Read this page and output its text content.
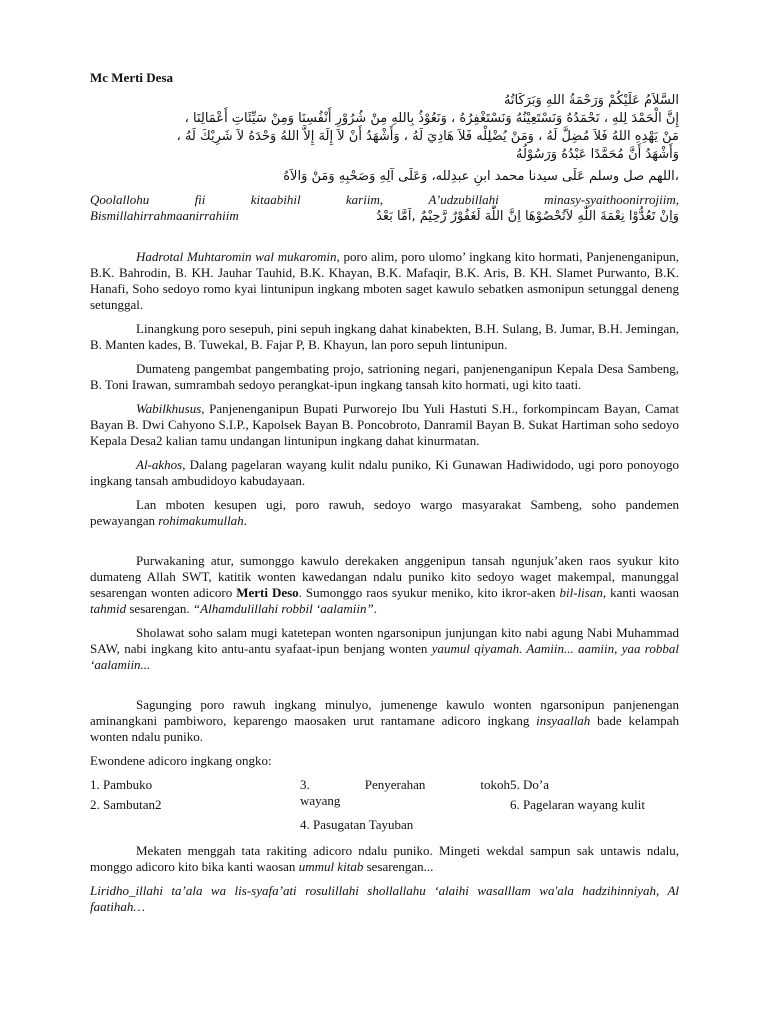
Mc Merti Desa

السَّلاَمُ عَلَيْكُمْ وَرَحْمَةُ اللهِ وَبَرَكَاتُهُ

إِنَّ الْحَمْدَ لِلهِ ، نَحْمَدُهُ وَنَسْتَعِيْنُهُ وَنَسْتَغْفِرُهُ ، وَنَعُوْذُ بِاللهِ مِنْ شُرُوْرِ أَنْفُسِنَا وَمِنْ سَيِّئَاتِ أَعْمَالِنَا ،

مَنْ يَهْدِهِ اللهُ فَلاَ مُضِلَّ لَهُ ، وَمَنْ يُضْلِلْه فَلاَ هَادِيَ لَهُ ، وَأَشْهَدُ أَنْ لاَ إِلَهَ إِلاَّ اللهُ وَحْدَهُ لاَ شَرِيْكَ لَهُ ،

وَأَشْهَدُ أَنَّ مُحَمَّدًا عَبْدُهُ وَرَسُوْلُهُ

،اللهم صل وسلم عَلَى سيدنا محمد ابنِ عبدِلله، وَعَلَى آلِهِ وَصَحْبِهِ وَمَنْ وَالاَهُ

Qoolallohu	fii	kitaabihil	kariim,	A’udzubillahi	minasy-syaithoonirrojiim,
Bismillahirrahmaanirrahiim	وَاِنْ تَعُدُّوْا نِعْمَةَ اللّٰهِ لاَتُحْصُوْهَا اِنَّ اللّٰهَ لَغَفُوْرٌ رَّحِيْمٌ ,اَمَّا بَعْدُ

Hadrotal Muhtaromin wal mukaromin, poro alim, poro ulomo’ ingkang kito hormati, Panjenenganipun, B.K. Bahrodin, B. KH. Jauhar Tauhid, B.K. Khayan, B.K. Mafaqir, B.K. Aris, B. KH. Slamet Purwanto, B.K. Hanafi, Soho sedoyo romo kyai lintunipun ingkang mboten saget kawulo sebatken asmonipun setunggal deneng setunggal.

Linangkung poro sesepuh, pini sepuh ingkang dahat kinabekten, B.H. Sulang, B. Jumar, B.H. Jemingan, B. Manten kades, B. Tuwekal, B. Fajar P, B. Khayun, lan poro sepuh lintunipun.

Dumateng pangembat pangembating projo, satrioning negari, panjenenganipun Kepala Desa Sambeng, B. Toni Irawan, sumrambah sedoyo perangkat-ipun ingkang tansah kito hormati, ugi kito taati.

Wabilkhusus, Panjenenganipun Bupati Purworejo Ibu Yuli Hastuti S.H., forkompincam Bayan, Camat Bayan B. Dwi Cahyono S.I.P., Kapolsek Bayan B. Poncobroto, Danramil Bayan B. Sukat Hartiman soho sedoyo Kepala Desa2 kalian tamu undangan lintunipun ingkang dahat kinurmatan.

Al-akhos, Dalang pagelaran wayang kulit ndalu puniko, Ki Gunawan Hadiwidodo, ugi poro ponoyogo ingkang tansah ambudidoyo kabudayaan.

Lan mboten kesupen ugi, poro rawuh, sedoyo wargo masyarakat Sambeng, soho pandemen pewayangan rohimakumullah.

Purwakaning atur, sumonggo kawulo derekaken anggenipun tansah ngunjuk’aken raos syukur kito dumateng Allah SWT, katitik wonten kawedangan ndalu puniko kito sedoyo waget makempal, manunggal sesarengan wonten adicoro Merti Deso. Sumonggo raos syukur meniko, kito ikror-aken bil-lisan, kanti waosan tahmid sesarengan. “Alhamdulillahi robbil ‘aalamiin”.

Sholawat soho salam mugi katetepan wonten ngarsonipun junjungan kito nabi agung Nabi Muhammad SAW, nabi ingkang kito antu-antu syafaat-ipun benjang wonten yaumul qiyamah. Aamiin... aamiin, yaa robbal ‘aalamiin...

Sagunging poro rawuh ingkang minulyo, jumenenge kawulo wonten ngarsonipun panjenengan aminangkani pambiworo, keparengo maosaken urut rantamane adicoro ingkang insyaallah bade kelampah wonten ndalu puniko.

Ewondene adicoro ingkang ongko:

1. Pambuko	3. Penyerahan tokoh
wayang	5. Do’a
2. Sambutan2		6. Pagelaran wayang kulit
	4. Pasugatan Tayuban	

Mekaten menggah tata rakiting adicoro ndalu puniko. Mingeti wekdal sampun sak untawis ndalu, monggo adicoro kito bika kanti waosan ummul kitab sesarengan...

Liridho_illahi ta’ala wa lis-syafa’ati rosulillahi shollallahu ‘alaihi wasalllam wa'ala hadzihinniyah, Al faatihah…
